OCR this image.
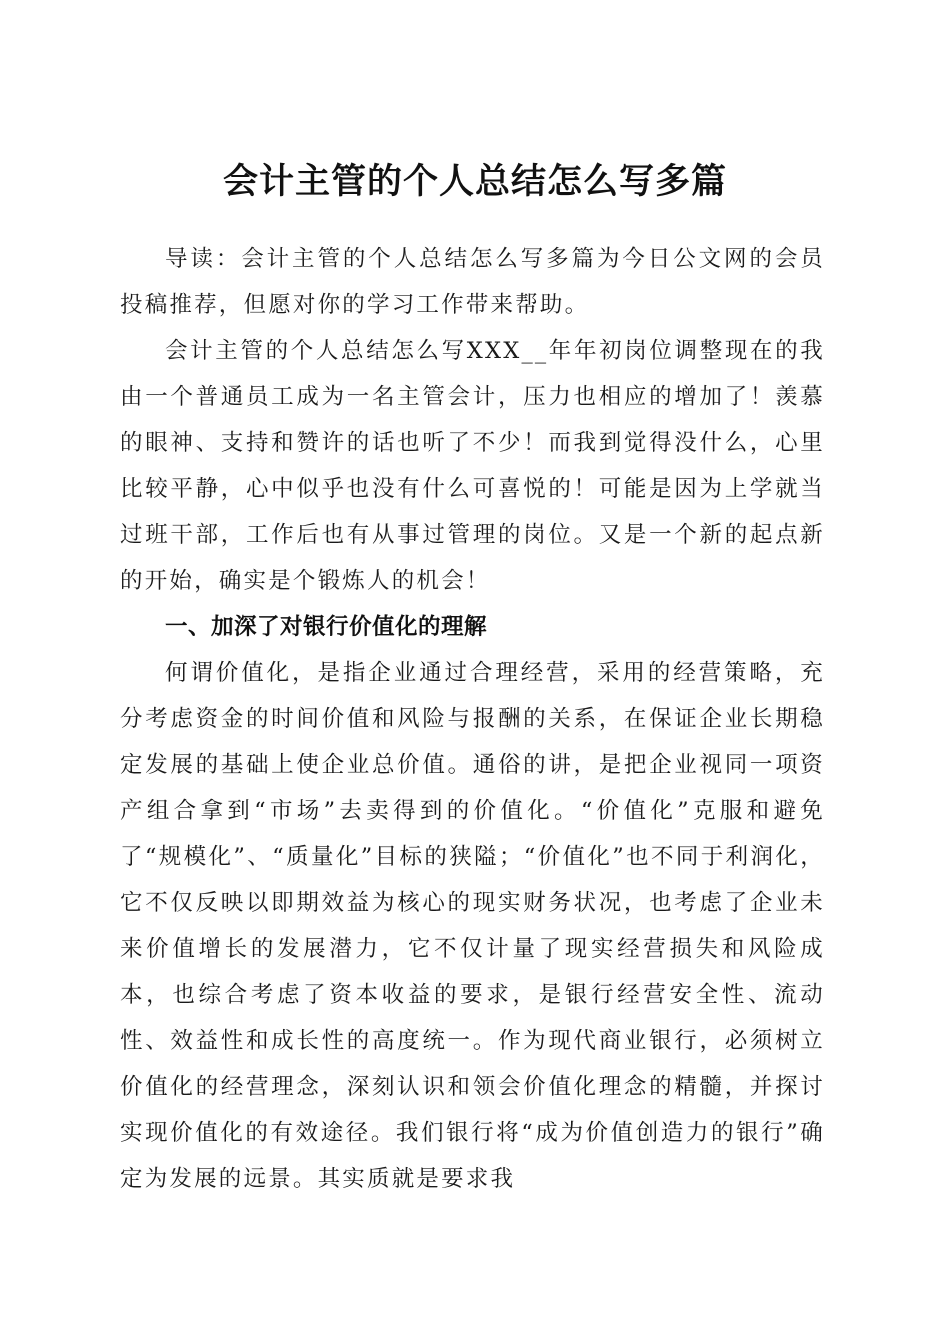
会计主管的个人总结怎么写多篇

导读：会计主管的个人总结怎么写多篇为今日公文网的会员投稿推荐，但愿对你的学习工作带来帮助。

会计主管的个人总结怎么写XXX__年年初岗位调整现在的我由一个普通员工成为一名主管会计，压力也相应的增加了！羡慕的眼神、支持和赞许的话也听了不少！而我到觉得没什么，心里比较平静，心中似乎也没有什么可喜悦的！可能是因为上学就当过班干部，工作后也有从事过管理的岗位。又是一个新的起点新的开始，确实是个锻炼人的机会！

一、加深了对银行价值化的理解

何谓价值化，是指企业通过合理经营，采用的经营策略，充分考虑资金的时间价值和风险与报酬的关系，在保证企业长期稳定发展的基础上使企业总价值。通俗的讲，是把企业视同一项资产组合拿到“市场”去卖得到的价值化。“价值化”克服和避免了“规模化”、“质量化”目标的狭隘；“价值化”也不同于利润化，它不仅反映以即期效益为核心的现实财务状况，也考虑了企业未来价值增长的发展潜力，它不仅计量了现实经营损失和风险成本，也综合考虑了资本收益的要求，是银行经营安全性、流动性、效益性和成长性的高度统一。作为现代商业银行，必须树立价值化的经营理念，深刻认识和领会价值化理念的精髓，并探讨实现价值化的有效途径。我们银行将“成为价值创造力的银行”确定为发展的远景。其实质就是要求我
